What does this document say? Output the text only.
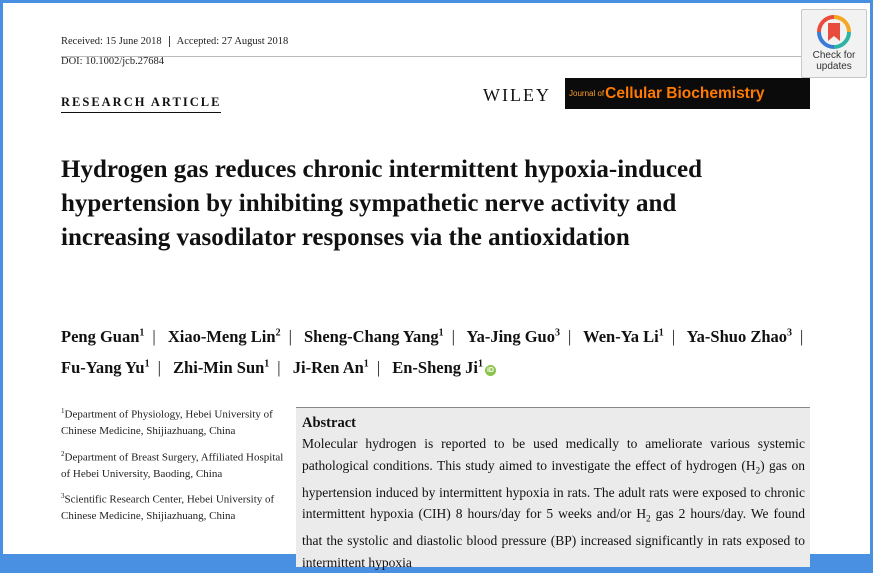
Received: 15 June 2018 Accepted: 27 August 2018
DOI: 10.1002/jcb.27684
Check for
updates
RESEARCH ARTICLE	WILEY Journal of Cellular Biochemistry
Hydrogen gas reduces chronic intermittent hypoxia-induced hypertension by inhibiting sympathetic nerve activity and increasing vasodilator responses via the antioxidation
Peng Guan$^1$ | Xiao-Meng Lin$^2$ | Sheng-Chang Yang$^1$ | Ya-Jing Guo$^3$ | Wen-Ya Li$^1$ | Ya-Shuo Zhao$^3$ | Fu-Yang Yu$^1$ | Zhi-Min Sun$^1$ | Ji-Ren An$^1$ | En-Sheng Ji$^1$iD
$^1$Department of Physiology, Hebei University of Chinese Medicine, Shijiazhuang, China
$^2$Department of Breast Surgery, Affiliated Hospital of Hebei University, Baoding, China
$^3$Scientific Research Center, Hebei University of Chinese Medicine, Shijiazhuang, China
Abstract
Molecular hydrogen is reported to be used medically to ameliorate various systemic pathological conditions. This study aimed to investigate the effect of hydrogen $(H_2)$ gas on hypertension induced by intermittent hypoxia in rats. The adult rats were exposed to chronic intermittent hypoxia (CIH) 8 hours/day for 5 weeks and/or $H_2$ gas 2 hours/day. We found that the systolic and diastolic blood pressure (BP) increased significantly in rats exposed to intermittent hypoxia
